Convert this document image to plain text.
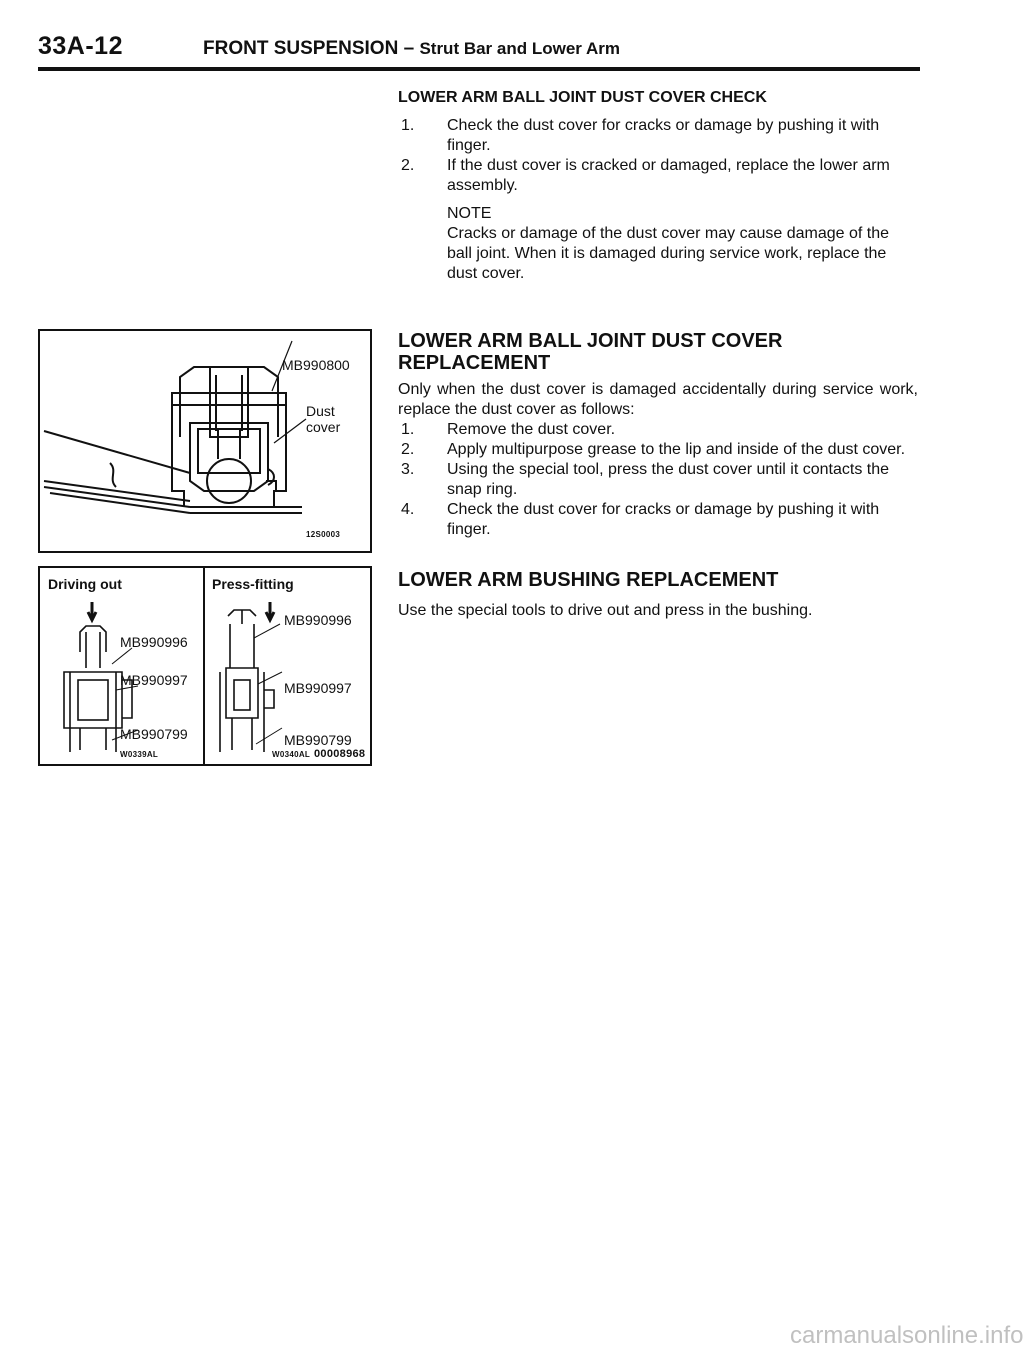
33A-12	FRONT SUSPENSION – Strut Bar and Lower Arm
LOWER ARM BALL JOINT DUST COVER CHECK
1. Check the dust cover for cracks or damage by pushing it with finger.
2. If the dust cover is cracked or damaged, replace the lower arm assembly.
NOTE
Cracks or damage of the dust cover may cause damage of the ball joint. When it is damaged during service work, replace the dust cover.
LOWER ARM BALL JOINT DUST COVER
REPLACEMENT

Only when the dust cover is damaged accidentally during service work, replace the dust cover as follows:

1. Remove the dust cover.
2. Apply multipurpose grease to the lip and inside of the dust cover.
3. Using the special tool, press the dust cover until it contacts the snap ring.
4. Check the dust cover for cracks or damage by pushing it with finger.
LOWER ARM BUSHING REPLACEMENT

Use the special tools to drive out and press in the bushing.

MB990800
Dust
cover
12S0003
Driving out	Press-fitting
MB990996
MB990997
MB990799
MB990996
MB990997
MB990799
W0339AL	W0340AL 00008968
carmanualsonline.info
